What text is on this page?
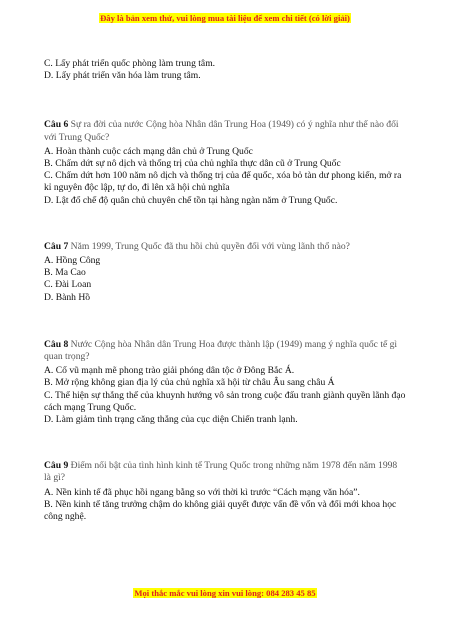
Đây là bản xem thử, vui lòng mua tài liệu để xem chi tiết (có lời giải)
C. Lấy phát triển quốc phòng làm trung tâm.
D. Lấy phát triển văn hóa làm trung tâm.
Câu 6 Sự ra đời của nước Cộng hòa Nhân dân Trung Hoa (1949) có ý nghĩa như thế nào đối với Trung Quốc?
A. Hoàn thành cuộc cách mạng dân chủ ở Trung Quốc
B. Chấm dứt sự nô dịch và thống trị của chủ nghĩa thực dân cũ ở Trung Quốc
C. Chấm dứt hơn 100 năm nô dịch và thống trị của đế quốc, xóa bỏ tàn dư phong kiến, mở ra kỉ nguyên độc lập, tự do, đi lên xã hội chủ nghĩa
D. Lật đổ chế độ quân chủ chuyên chế tồn tại hàng ngàn năm ở Trung Quốc.
Câu 7 Năm 1999, Trung Quốc đã thu hồi chủ quyền đối với vùng lãnh thổ nào?
A. Hồng Công
B. Ma Cao
C. Đài Loan
D. Bành Hồ
Câu 8 Nước Cộng hòa Nhân dân Trung Hoa được thành lập (1949) mang ý nghĩa quốc tế gì quan trọng?
A. Cổ vũ mạnh mẽ phong trào giải phóng dân tộc ở Đông Bắc Á.
B. Mở rộng không gian địa lý của chủ nghĩa xã hội từ châu Âu sang châu Á
C. Thể hiện sự thắng thế của khuynh hướng vô sản trong cuộc đấu tranh giành quyền lãnh đạo cách mạng Trung Quốc.
D. Làm giảm tình trạng căng thẳng của cục diện Chiến tranh lạnh.
Câu 9 Điểm nổi bật của tình hình kinh tế Trung Quốc trong những năm 1978 đến năm 1998 là gì?
A. Nền kinh tế đã phục hồi ngang bằng so với thời kì trước “Cách mạng văn hóa”.
B. Nền kinh tế tăng trưởng chậm do không giải quyết được vấn đề vốn và đổi mới khoa học công nghệ.
Mọi thắc mắc vui lòng xin vui lòng: 084 283 45 85
